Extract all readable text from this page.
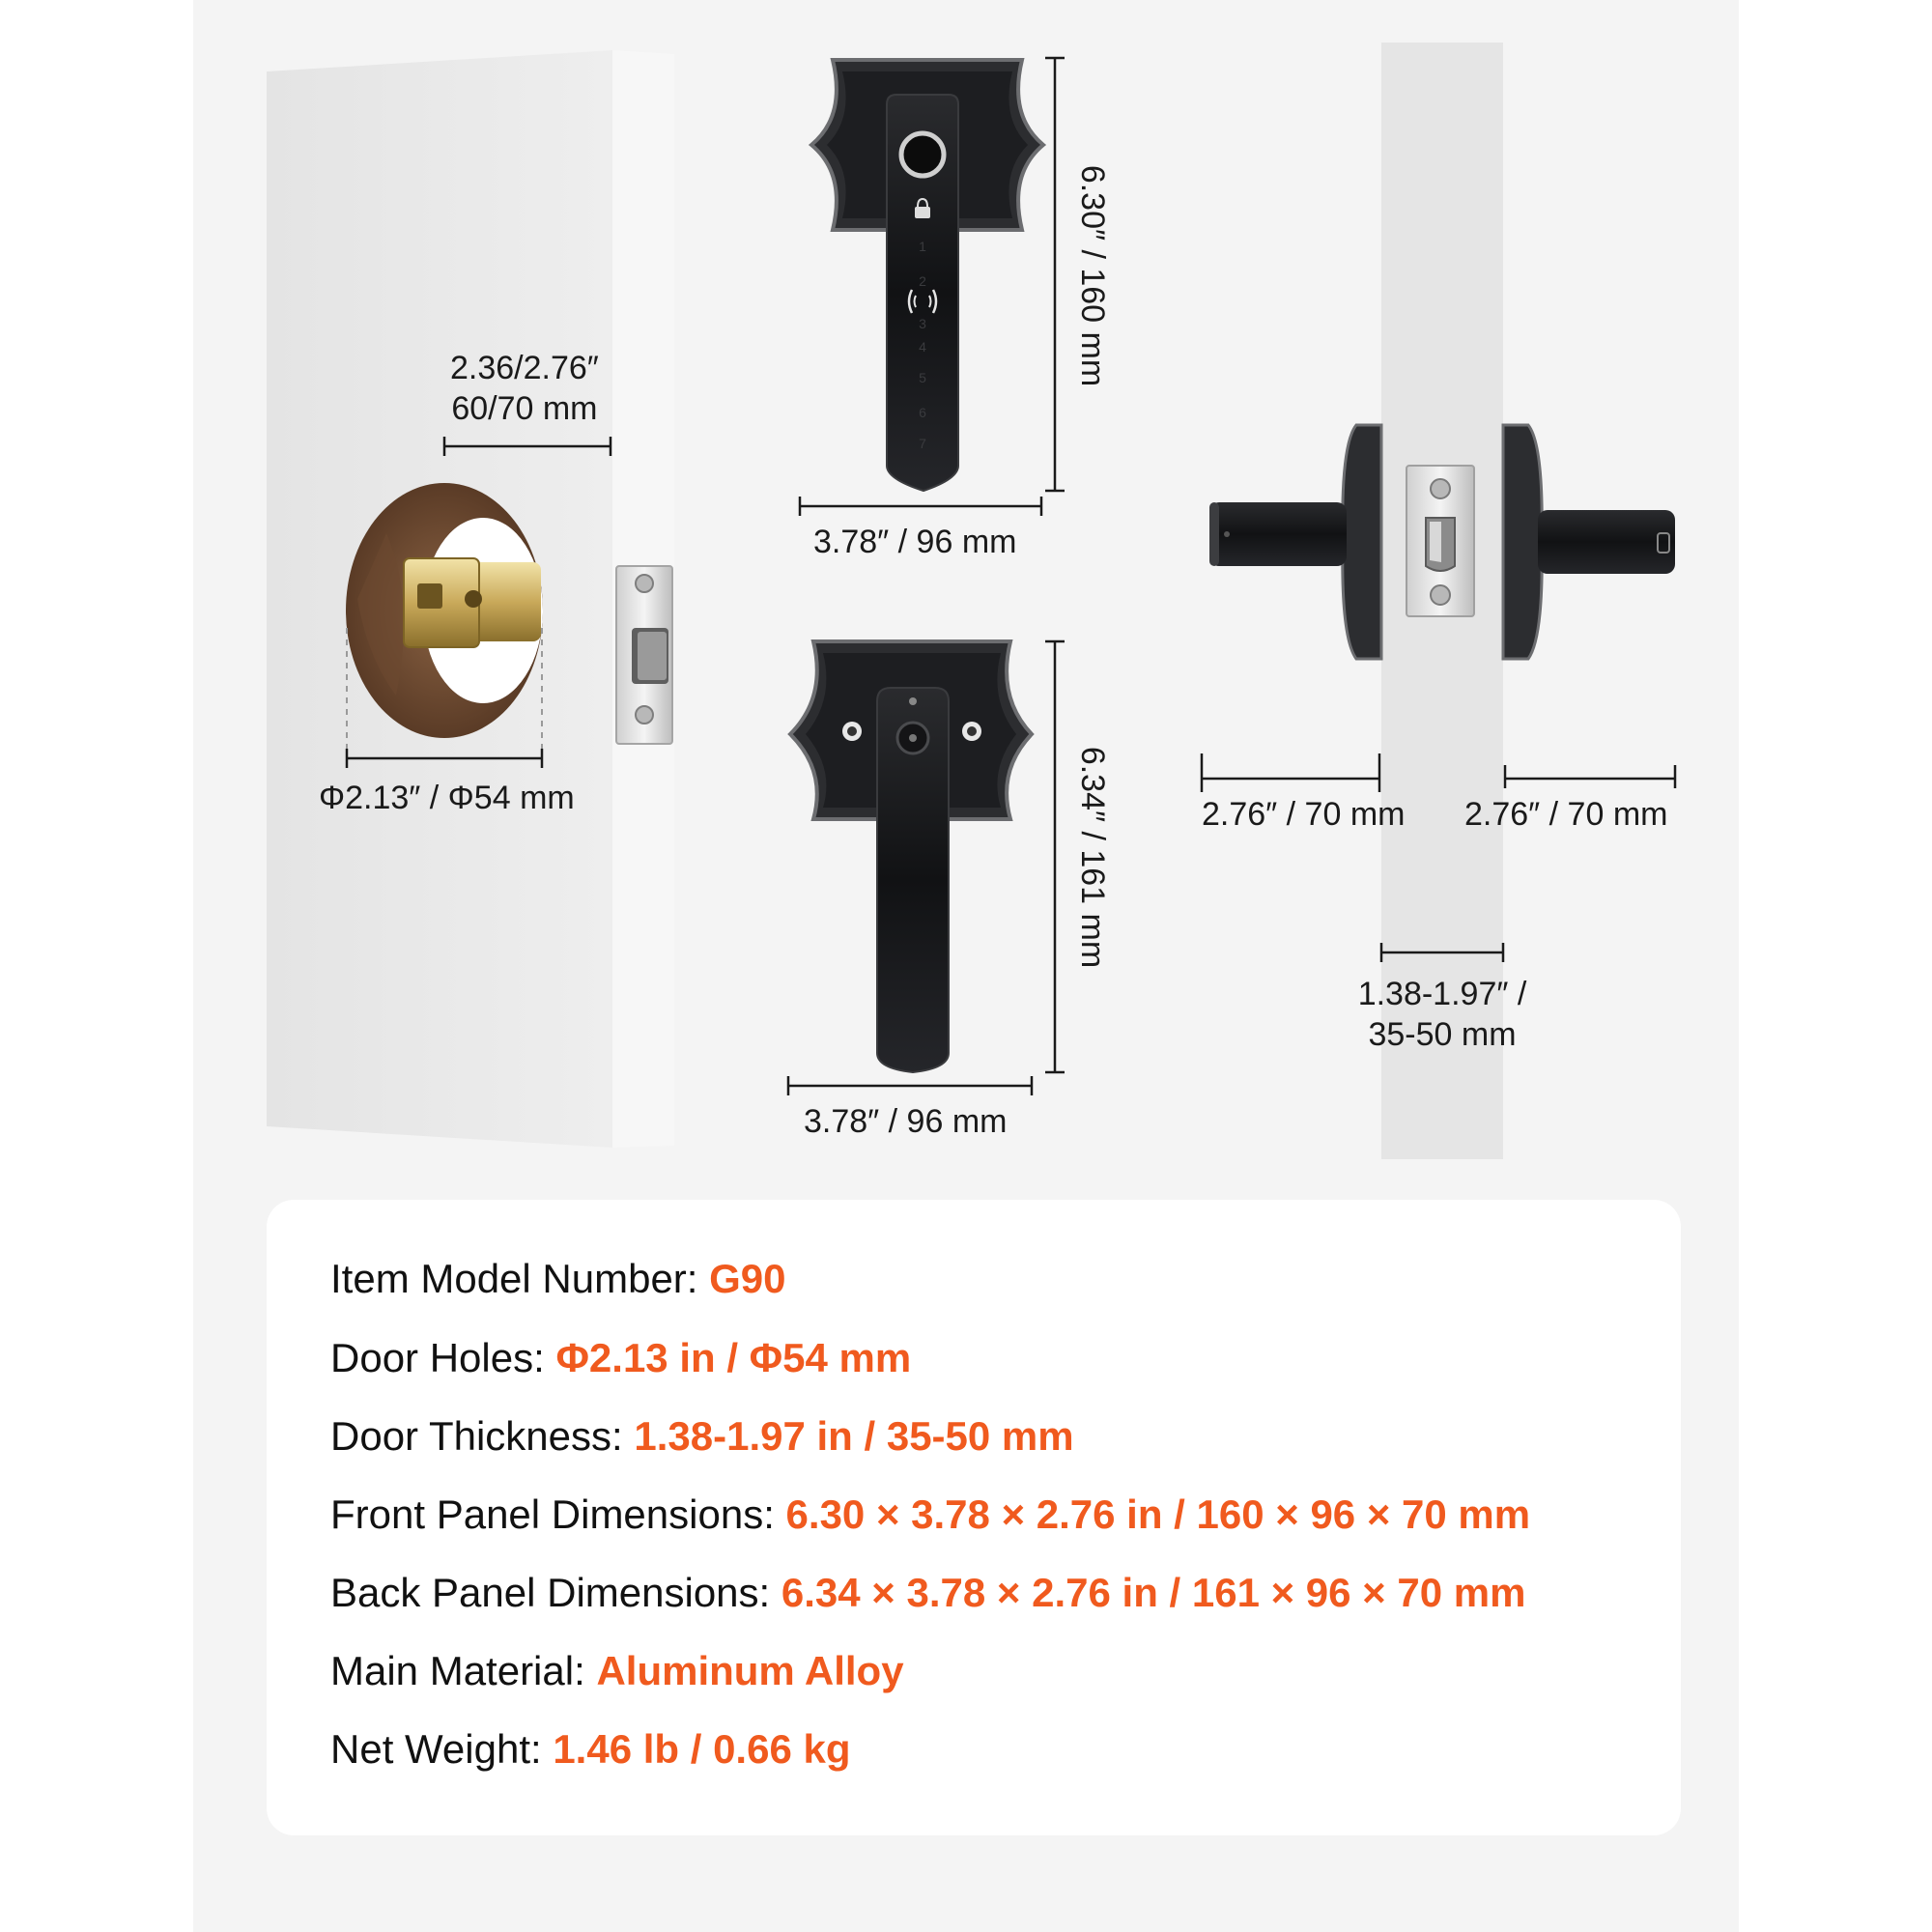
1
2
3
4
5
6
7
2.36/2.76″
60/70 mm
Φ2.13″ / Φ54 mm
6.30″ / 160 mm
3.78″ / 96 mm
6.34″ / 161 mm
3.78″ / 96 mm
2.76″ / 70 mm 2.76″ / 70 mm
1.38-1.97″ /
35-50 mm
Item Model Number: G90
Door Holes: Φ2.13 in / Φ54 mm
Door Thickness: 1.38-1.97 in / 35-50 mm
Front Panel Dimensions: 6.30 × 3.78 × 2.76 in / 160 × 96 × 70 mm
Back Panel Dimensions: 6.34 × 3.78 × 2.76 in / 161 × 96 × 70 mm
Main Material: Aluminum Alloy
Net Weight: 1.46 lb / 0.66 kg
